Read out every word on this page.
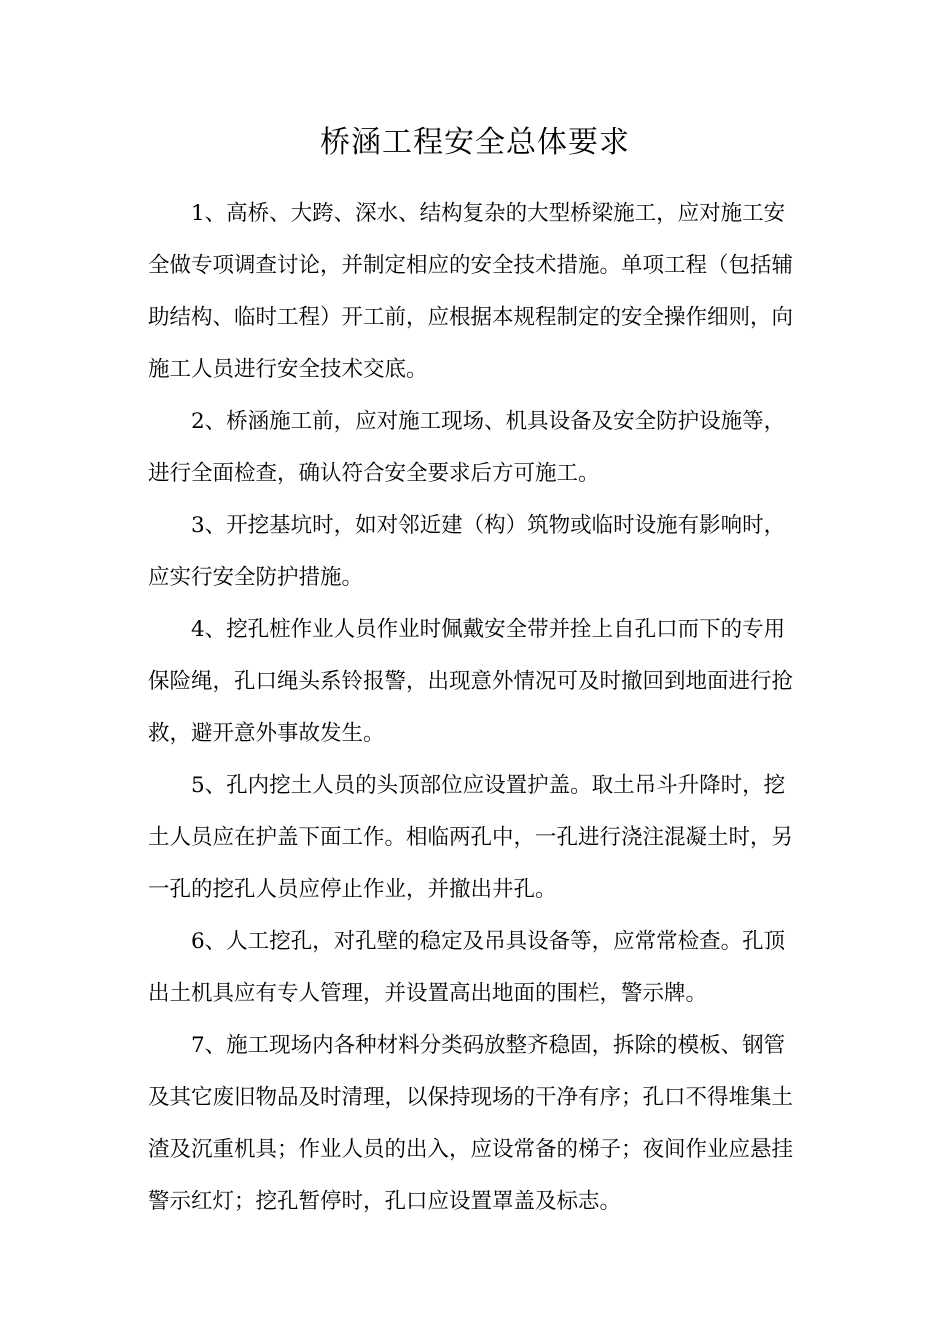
桥涵工程安全总体要求

1、高桥、大跨、深水、结构复杂的大型桥梁施工，应对施工安全做专项调查讨论，并制定相应的安全技术措施。单项工程（包括辅助结构、临时工程）开工前，应根据本规程制定的安全操作细则，向施工人员进行安全技术交底。

2、桥涵施工前，应对施工现场、机具设备及安全防护设施等，进行全面检查，确认符合安全要求后方可施工。

3、开挖基坑时，如对邻近建（构）筑物或临时设施有影响时，应实行安全防护措施。

4、挖孔桩作业人员作业时佩戴安全带并拴上自孔口而下的专用保险绳，孔口绳头系铃报警，出现意外情况可及时撤回到地面进行抢救，避开意外事故发生。

5、孔内挖土人员的头顶部位应设置护盖。取土吊斗升降时，挖土人员应在护盖下面工作。相临两孔中，一孔进行浇注混凝土时，另一孔的挖孔人员应停止作业，并撤出井孔。

6、人工挖孔，对孔壁的稳定及吊具设备等，应常常检查。孔顶出土机具应有专人管理，并设置高出地面的围栏，警示牌。

7、施工现场内各种材料分类码放整齐稳固，拆除的模板、钢管及其它废旧物品及时清理，以保持现场的干净有序；孔口不得堆集土渣及沉重机具；作业人员的出入，应设常备的梯子；夜间作业应悬挂警示红灯；挖孔暂停时，孔口应设置罩盖及标志。
